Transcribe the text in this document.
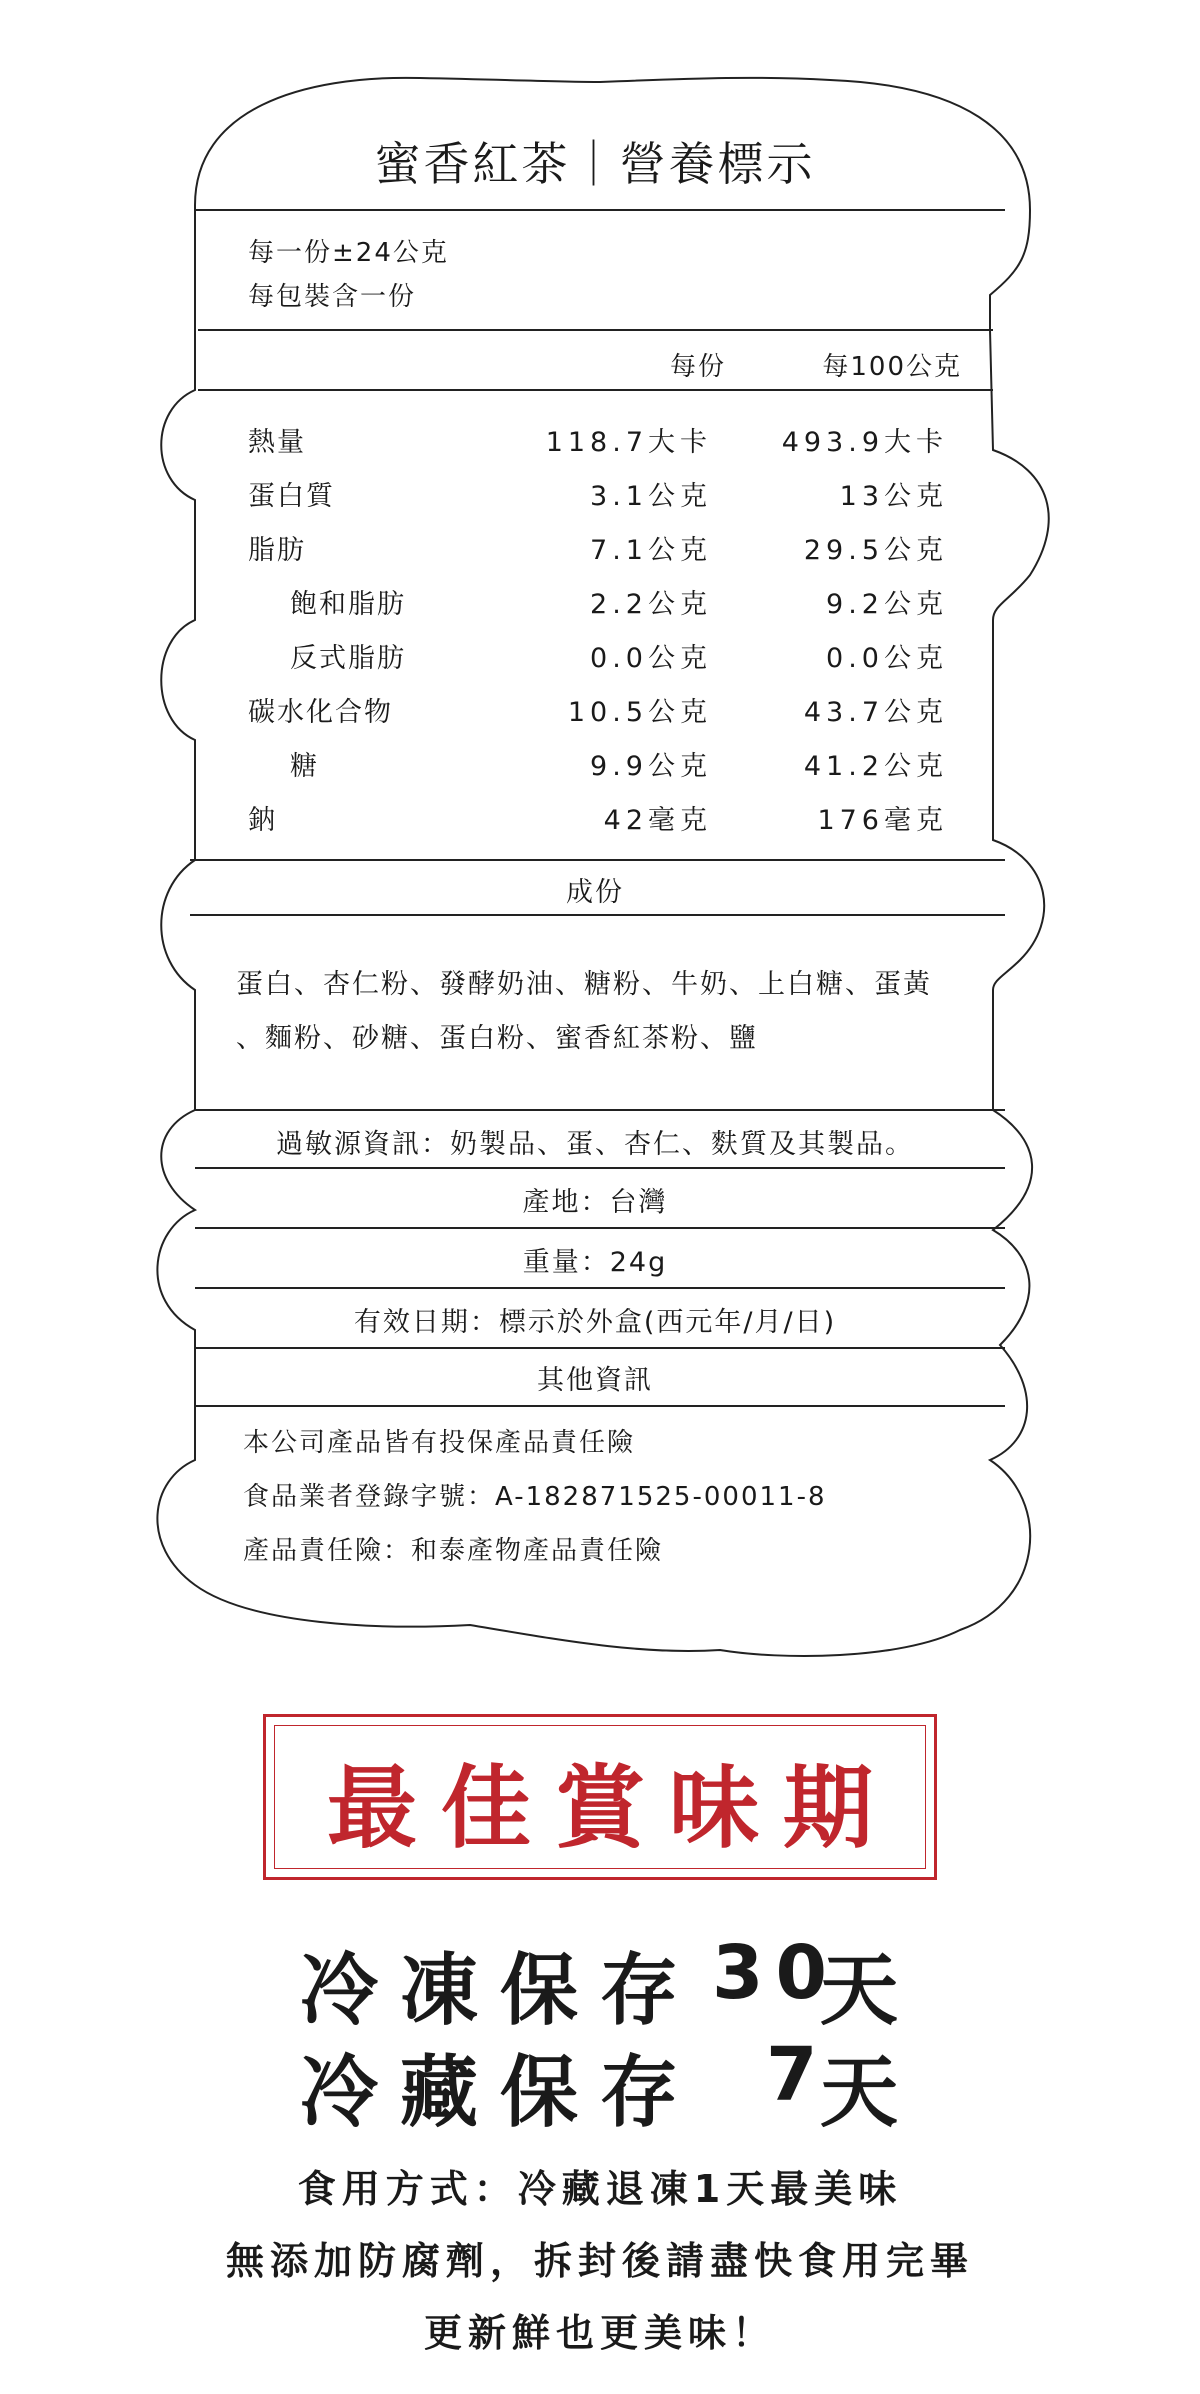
蜜香紅茶｜營養標示
每一份±24公克
每包裝含一份
每份	每100公克
熱量	118.7大卡	493.9大卡
蛋白質	3.1公克	13公克
脂肪	7.1公克	29.5公克
飽和脂肪	2.2公克	9.2公克
反式脂肪	0.0公克	0.0公克
碳水化合物	10.5公克	43.7公克
糖	9.9公克	41.2公克
鈉	42毫克	176毫克
成份
蛋白、杏仁粉、發酵奶油、糖粉、牛奶、上白糖、蛋黃
、麵粉、砂糖、蛋白粉、蜜香紅茶粉、鹽
過敏源資訊：奶製品、蛋、杏仁、麩質及其製品。
產地：台灣
重量：24g
有效日期：標示於外盒(西元年/月/日)
其他資訊
本公司產品皆有投保產品責任險
食品業者登錄字號：A-182871525-00011-8
產品責任險：和泰產物產品責任險
最佳賞味期
冷凍保存 30
天
冷藏保存 7
天
食用方式：冷藏退凍1天最美味
無添加防腐劑，拆封後請盡快食用完畢
更新鮮也更美味！
